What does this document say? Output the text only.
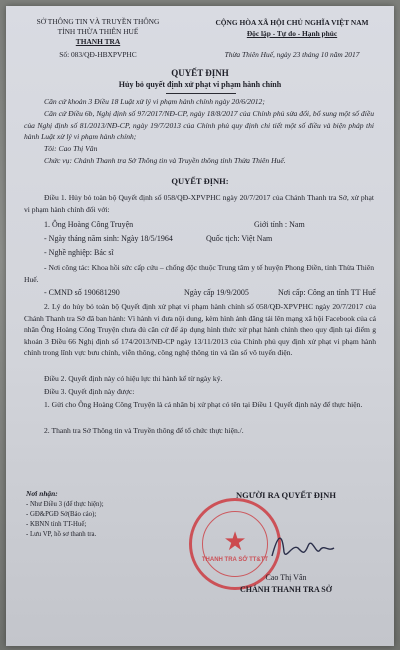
SỞ THÔNG TIN VÀ TRUYỀN THÔNG
TỈNH THỪA THIÊN HUẾ
THANH TRA
Số: 083/QĐ-HBXPVPHC
CỘNG HÒA XÃ HỘI CHỦ NGHĨA VIỆT NAM
Độc lập - Tự do - Hạnh phúc
Thừa Thiên Huế, ngày 23 tháng 10 năm 2017
QUYẾT ĐỊNH
Hủy bỏ quyết định xử phạt vi phạm hành chính
Căn cứ khoản 3 Điều 18 Luật xử lý vi phạm hành chính ngày 20/6/2012;
Căn cứ Điều 6b, Nghị định số 97/2017/NĐ-CP, ngày 18/8/2017 của Chính phủ sửa đổi, bổ sung một số điều của Nghị định số 81/2013/NĐ-CP, ngày 19/7/2013 của Chính phủ quy định chi tiết một số điều và biện pháp thi hành Luật xử lý vi phạm hành chính;
Tôi: Cao Thị Vân
Chức vụ: Chánh Thanh tra Sở Thông tin và Truyền thông tỉnh Thừa Thiên Huế.
QUYẾT ĐỊNH:
Điều 1. Hủy bỏ toàn bộ Quyết định số 058/QĐ-XPVPHC ngày 20/7/2017 của Chánh Thanh tra Sở, xử phạt vi phạm hành chính đối với:
1. Ông Hoàng Công Truyện	Giới tính : Nam
- Ngày tháng năm sinh: Ngày 18/5/1964	Quốc tịch: Việt Nam
- Nghề nghiệp: Bác sĩ
- Nơi công tác: Khoa hồi sức cấp cứu – chống độc thuộc Trung tâm y tế huyện Phong Điền, tỉnh Thừa Thiên Huế.
- CMND số 190681290	Ngày cấp 19/9/2005	Nơi cấp: Công an tỉnh TT Huế
2. Lý do hủy bỏ toàn bộ Quyết định xử phạt vi phạm hành chính số 058/QĐ-XPVPHC ngày 20/7/2017 của Chánh Thanh tra Sở đã ban hành: Vì hành vi đưa nội dung, kèm hình ảnh đăng tải lên mạng xã hội Facebook của cá nhân Ông Hoàng Công Truyện chưa đủ căn cứ để áp dụng hình thức xử phạt hành chính theo quy định tại điểm g khoản 3 Điều 66 Nghị định số 174/2013/NĐ-CP ngày 13/11/2013 của Chính phủ quy định xử phạt vi phạm hành chính trong lĩnh vực bưu chính, viễn thông, công nghệ thông tin và tần số vô tuyến điện.
Điều 2. Quyết định này có hiệu lực thi hành kể từ ngày ký.
Điều 3. Quyết định này được:
1. Gửi cho Ông Hoàng Công Truyện là cá nhân bị xử phạt có tên tại Điều 1 Quyết định này để thực hiện.
2. Thanh tra Sở Thông tin và Truyền thông để tổ chức thực hiện./.
Nơi nhận:
- Như Điều 3 (để thực hiện);
- GĐ&PGĐ Sở(Báo cáo);
- KBNN tỉnh TT-Huế;
- Lưu VP, hồ sơ thanh tra.
NGƯỜI RA QUYẾT ĐỊNH
★
THANH TRA SỞ TT&TT
Cao Thị Vân
CHÁNH THANH TRA SỞ
